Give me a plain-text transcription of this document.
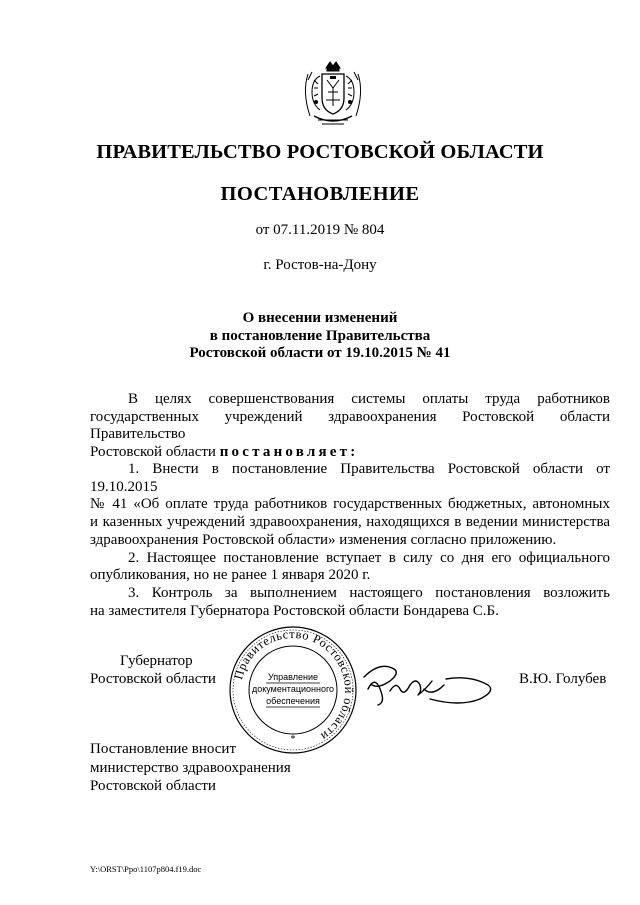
ПРАВИТЕЛЬСТВО РОСТОВСКОЙ ОБЛАСТИ
ПОСТАНОВЛЕНИЕ
от 07.11.2019 № 804
г. Ростов-на-Дону
О внесении изменений
в постановление Правительства
Ростовской области от 19.10.2015 № 41
В целях совершенствования системы оплаты труда работников
государственных учреждений здравоохранения Ростовской области Правительство
Ростовской области постановляет:
1. Внести в постановление Правительства Ростовской области от 19.10.2015
№ 41 «Об оплате труда работников государственных бюджетных, автономных
и казенных учреждений здравоохранения, находящихся в ведении министерства
здравоохранения Ростовской области» изменения согласно приложению.
2. Настоящее постановление вступает в силу со дня его официального
опубликования, но не ранее 1 января 2020 г.
3. Контроль за выполнением настоящего постановления возложить
на заместителя Губернатора Ростовской области Бондарева С.Б.
Губернатор
Ростовской области Правительство Ростовской области
Управление
документационного
обеспечения
*
В.Ю. Голубев
Постановление вносит
министерство здравоохранения
Ростовской области
Y:\ORST\Ppo\1107p804.f19.doc
